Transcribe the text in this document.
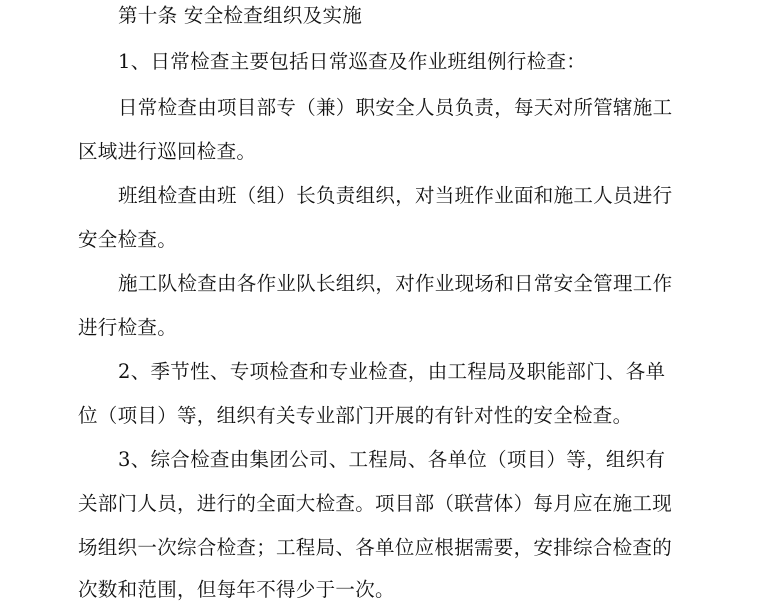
第十条 安全检查组织及实施
1、日常检查主要包括日常巡查及作业班组例行检查：
日常检查由项目部专（兼）职安全人员负责，每天对所管辖施工
区域进行巡回检查。
班组检查由班（组）长负责组织，对当班作业面和施工人员进行
安全检查。
施工队检查由各作业队长组织，对作业现场和日常安全管理工作
进行检查。
2、季节性、专项检查和专业检查，由工程局及职能部门、各单
位（项目）等，组织有关专业部门开展的有针对性的安全检查。
3、综合检查由集团公司、工程局、各单位（项目）等，组织有
关部门人员，进行的全面大检查。项目部（联营体）每月应在施工现
场组织一次综合检查；工程局、各单位应根据需要，安排综合检查的
次数和范围，但每年不得少于一次。
